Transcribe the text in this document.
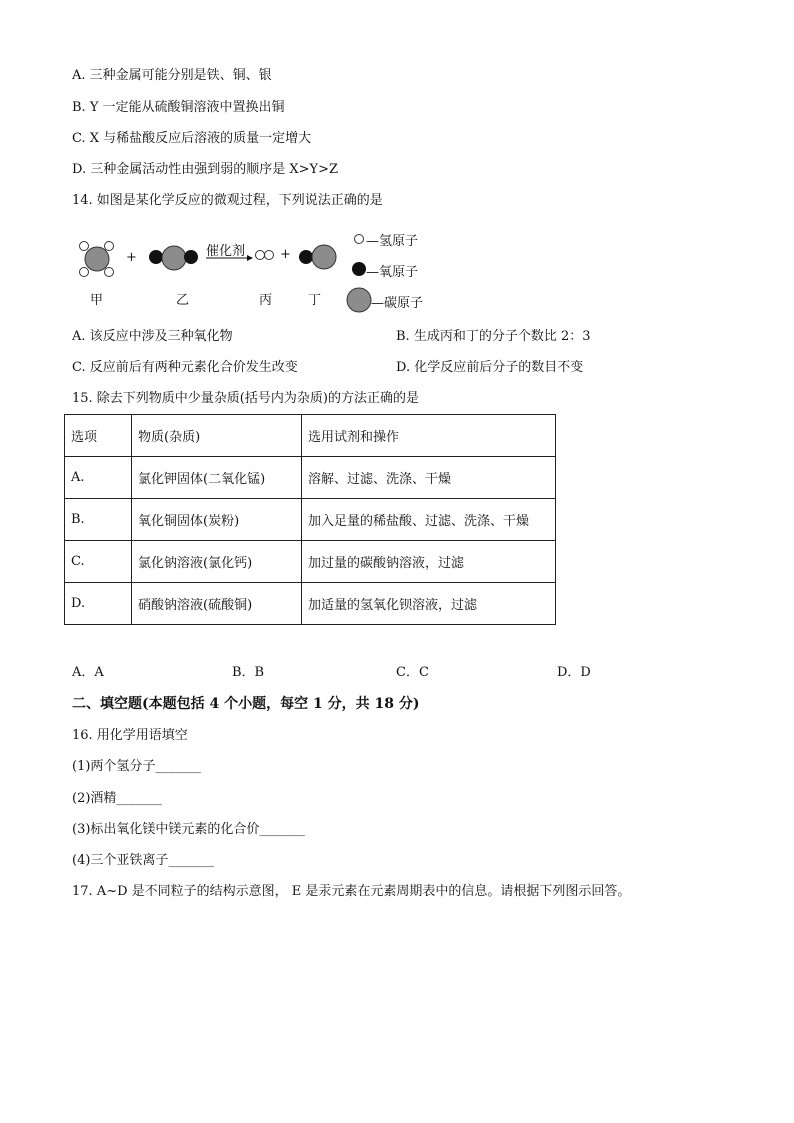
A. 三种金属可能分别是铁、铜、银
B. Y 一定能从硫酸铜溶液中置换出铜
C. X 与稀盐酸反应后溶液的质量一定增大
D. 三种金属活动性由强到弱的顺序是 X>Y>Z
14. 如图是某化学反应的微观过程，下列说法正确的是
+	催化剂	+
甲	乙	丙	丁
—氢原子
—氧原子
—碳原子
A. 该反应中涉及三种氧化物	B. 生成丙和丁的分子个数比 2：3
C. 反应前后有两种元素化合价发生改变	D. 化学反应前后分子的数目不变
15. 除去下列物质中少量杂质(括号内为杂质)的方法正确的是
选项	物质(杂质)	选用试剂和操作
A.	氯化钾固体(二氧化锰)	溶解、过滤、洗涤、干燥
B.	氧化铜固体(炭粉)	加入足量的稀盐酸、过滤、洗涤、干燥
C.	氯化钠溶液(氯化钙)	加过量的碳酸钠溶液，过滤
D.	硝酸钠溶液(硫酸铜)	加适量的氢氧化钡溶液，过滤
A．A	B．B	C．C	D．D
二、填空题(本题包括 4 个小题，每空 1 分，共 18 分)
16. 用化学用语填空
(1)两个氢分子_______
(2)酒精_______
(3)标出氧化镁中镁元素的化合价_______
(4)三个亚铁离子_______
17. A~D 是不同粒子的结构示意图， E 是汞元素在元素周期表中的信息。请根据下列图示回答。
